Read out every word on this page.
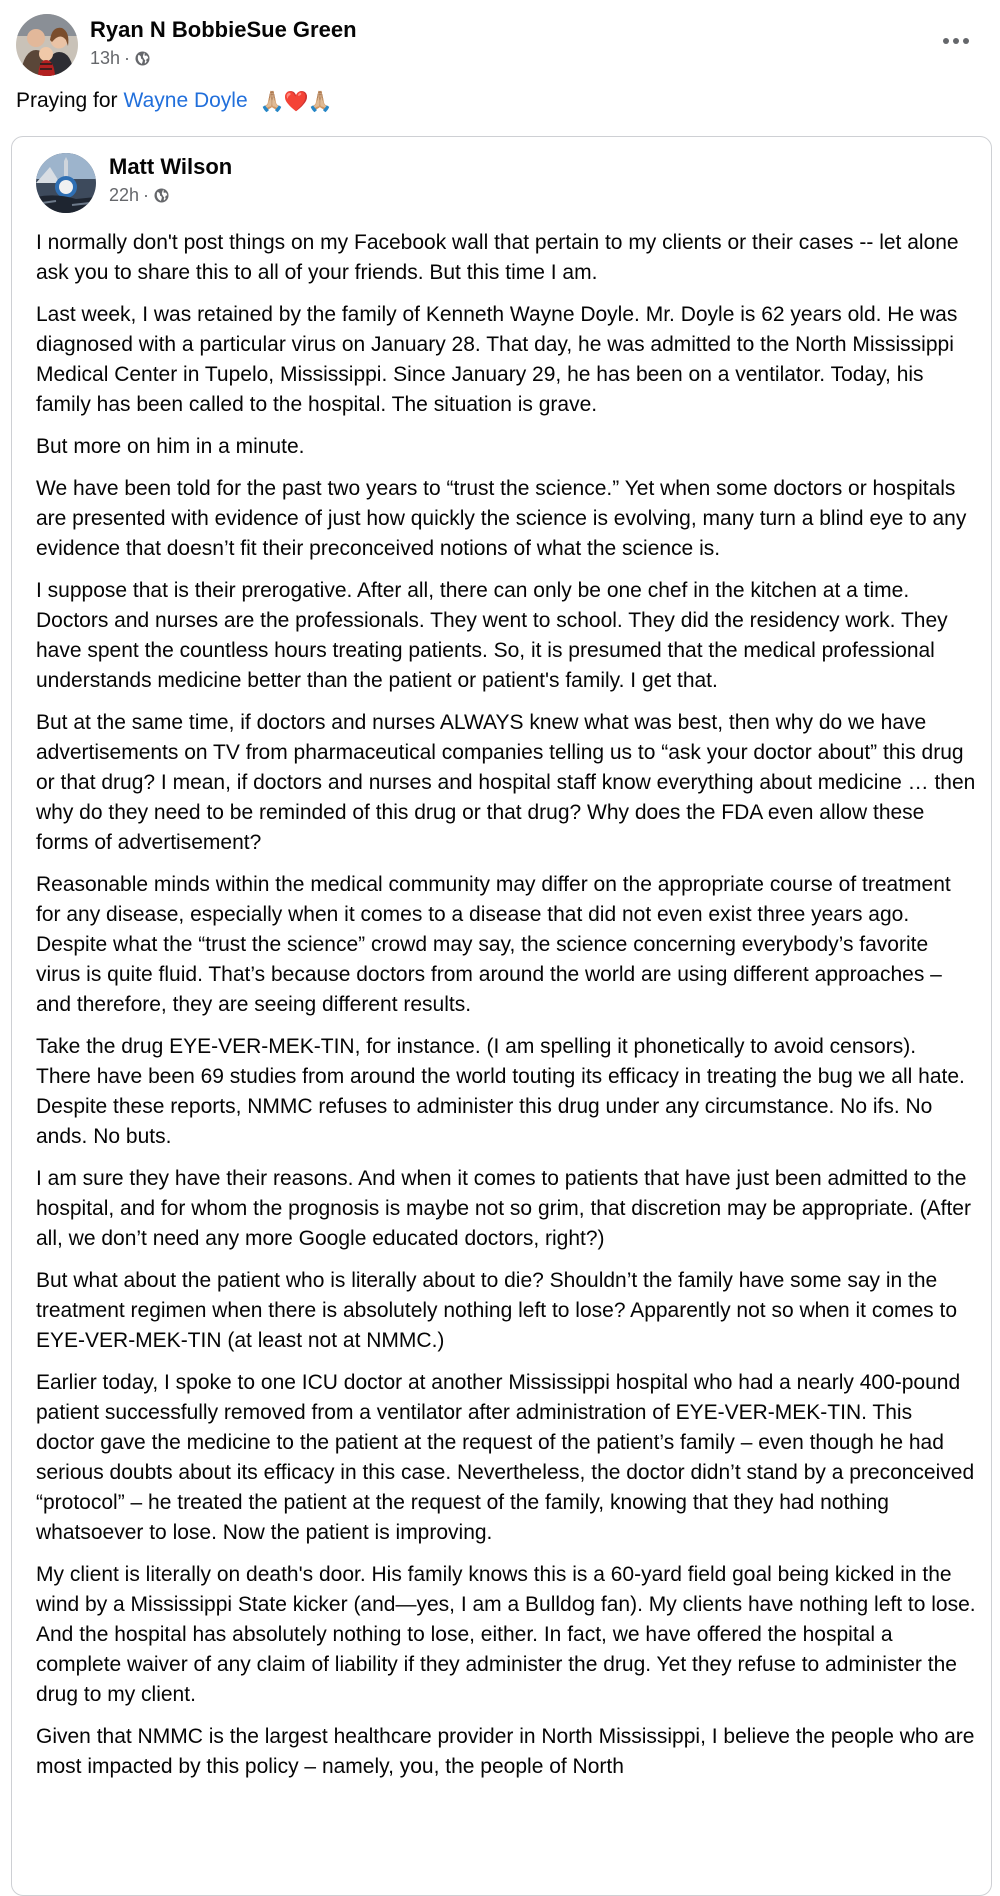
Ryan N BobbieSue Green
13h ·
Praying for Wayne Doyle 🙏🏼❤️🙏🏼
Matt Wilson
22h ·

I normally don't post things on my Facebook wall that pertain to my clients or their cases -- let alone ask you to share this to all of your friends. But this time I am.

Last week, I was retained by the family of Kenneth Wayne Doyle. Mr. Doyle is 62 years old. He was diagnosed with a particular virus on January 28. That day, he was admitted to the North Mississippi Medical Center in Tupelo, Mississippi. Since January 29, he has been on a ventilator. Today, his family has been called to the hospital. The situation is grave.

But more on him in a minute.

We have been told for the past two years to “trust the science.” Yet when some doctors or hospitals are presented with evidence of just how quickly the science is evolving, many turn a blind eye to any evidence that doesn’t fit their preconceived notions of what the science is.

I suppose that is their prerogative. After all, there can only be one chef in the kitchen at a time. Doctors and nurses are the professionals. They went to school. They did the residency work. They have spent the countless hours treating patients. So, it is presumed that the medical professional understands medicine better than the patient or patient's family. I get that.

But at the same time, if doctors and nurses ALWAYS knew what was best, then why do we have advertisements on TV from pharmaceutical companies telling us to “ask your doctor about” this drug or that drug? I mean, if doctors and nurses and hospital staff know everything about medicine … then why do they need to be reminded of this drug or that drug? Why does the FDA even allow these forms of advertisement?

Reasonable minds within the medical community may differ on the appropriate course of treatment for any disease, especially when it comes to a disease that did not even exist three years ago. Despite what the “trust the science” crowd may say, the science concerning everybody’s favorite virus is quite fluid. That’s because doctors from around the world are using different approaches – and therefore, they are seeing different results.

Take the drug EYE-VER-MEK-TIN, for instance. (I am spelling it phonetically to avoid censors). There have been 69 studies from around the world touting its efficacy in treating the bug we all hate. Despite these reports, NMMC refuses to administer this drug under any circumstance. No ifs. No ands. No buts.

I am sure they have their reasons. And when it comes to patients that have just been admitted to the hospital, and for whom the prognosis is maybe not so grim, that discretion may be appropriate. (After all, we don’t need any more Google educated doctors, right?)

But what about the patient who is literally about to die? Shouldn’t the family have some say in the treatment regimen when there is absolutely nothing left to lose? Apparently not so when it comes to EYE-VER-MEK-TIN (at least not at NMMC.)

Earlier today, I spoke to one ICU doctor at another Mississippi hospital who had a nearly 400-pound patient successfully removed from a ventilator after administration of EYE-VER-MEK-TIN. This doctor gave the medicine to the patient at the request of the patient’s family – even though he had serious doubts about its efficacy in this case. Nevertheless, the doctor didn’t stand by a preconceived “protocol” – he treated the patient at the request of the family, knowing that they had nothing whatsoever to lose. Now the patient is improving.

My client is literally on death's door. His family knows this is a 60-yard field goal being kicked in the wind by a Mississippi State kicker (and—yes, I am a Bulldog fan). My clients have nothing left to lose. And the hospital has absolutely nothing to lose, either. In fact, we have offered the hospital a complete waiver of any claim of liability if they administer the drug. Yet they refuse to administer the drug to my client.

Given that NMMC is the largest healthcare provider in North Mississippi, I believe the people who are most impacted by this policy – namely, you, the people of North
